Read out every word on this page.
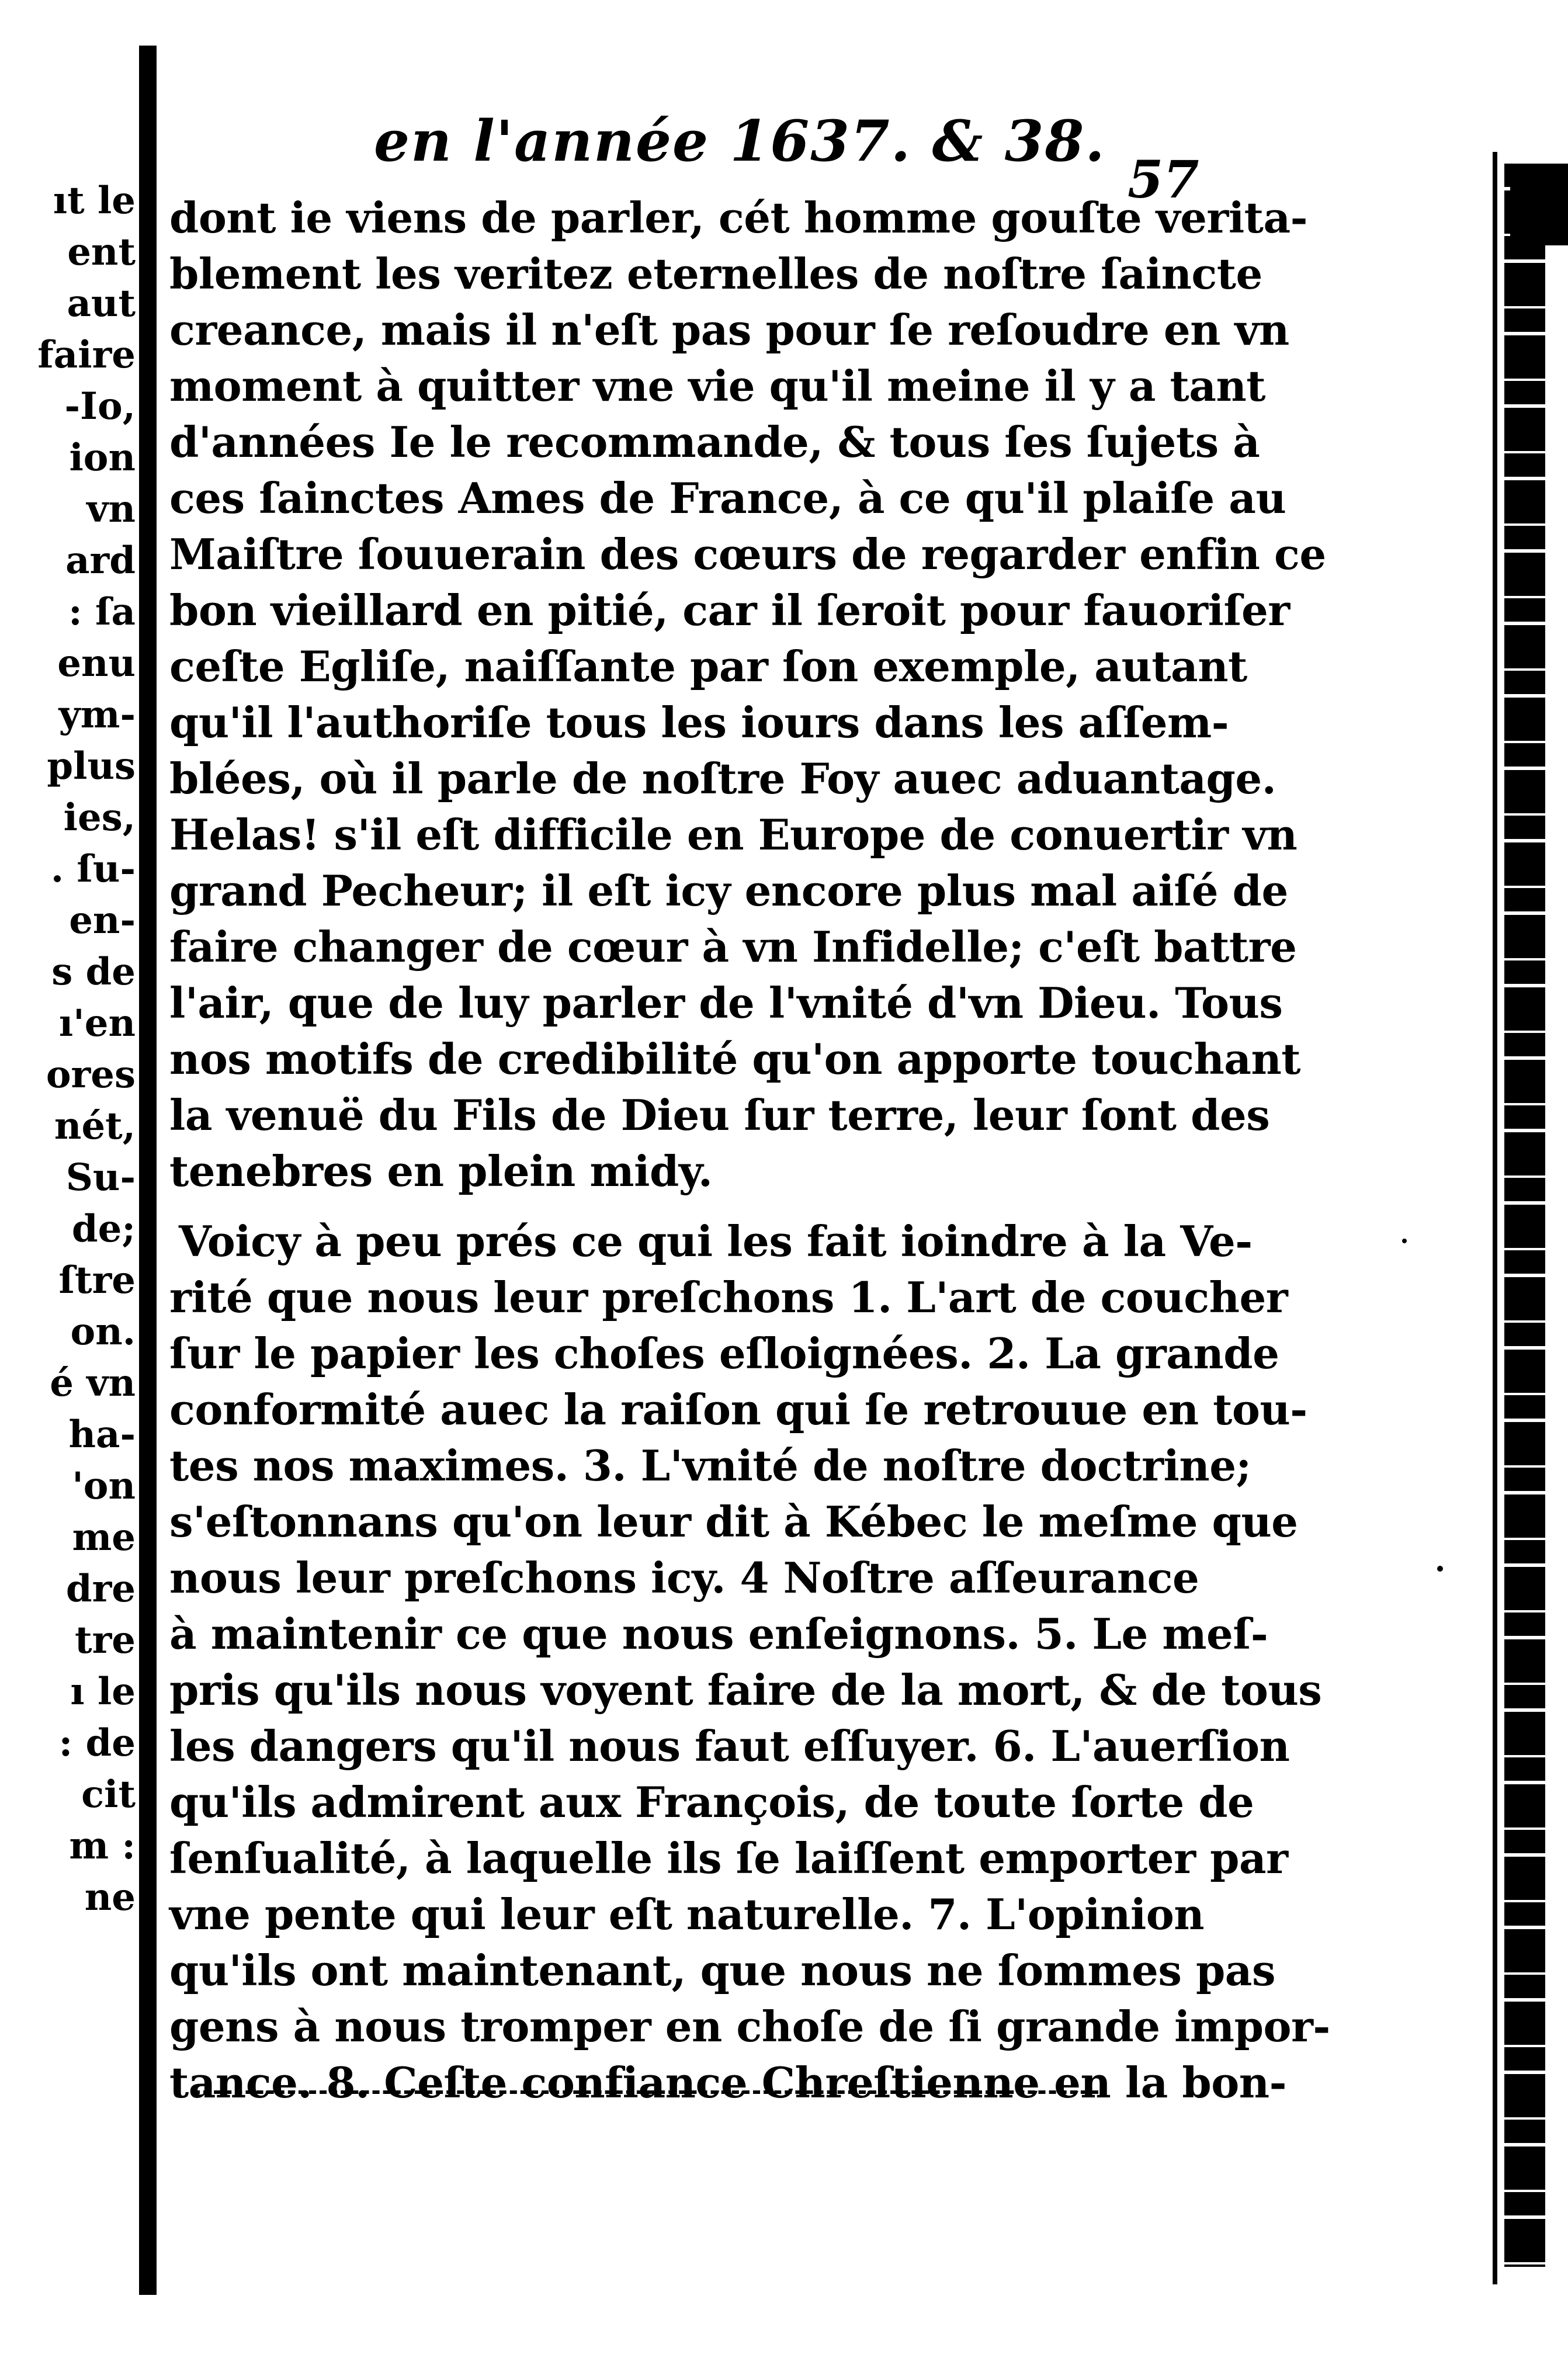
ıt le
ent
aut
faire
-Io,
ion
vn
ard
: ſa
enu
ym-
plus
ies,
. ſu-
en-
s de
ı'en
ores
nét,
Su-
de;
ſtre
on.
é vn
ha-
'on
me
dre
tre
ı le
: de
cit
m :
ne
en l'année 1637. & 38.
57
dont ie viens de parler, cét homme gouſte verita-
blement les veritez eternelles de noſtre ſaincte
creance, mais il n'eſt pas pour ſe reſoudre en vn
moment à quitter vne vie qu'il meine il y a tant
d'années Ie le recommande, & tous ſes ſujets à
ces ſainctes Ames de France, à ce qu'il plaiſe au
Maiſtre ſouuerain des cœurs de regarder enfin ce
bon vieillard en pitié, car il ſeroit pour fauoriſer
ceſte Egliſe, naiſſante par ſon exemple, autant
qu'il l'authoriſe tous les iours dans les aſſem-
blées, où il parle de noſtre Foy auec aduantage.
Helas! s'il eſt difficile en Europe de conuertir vn
grand Pecheur; il eſt icy encore plus mal aiſé de
faire changer de cœur à vn Infidelle; c'eſt battre
l'air, que de luy parler de l'vnité d'vn Dieu. Tous
nos motifs de credibilité qu'on apporte touchant
la venuë du Fils de Dieu ſur terre, leur ſont des
tenebres en plein midy.
Voicy à peu prés ce qui les fait ioindre à la Ve-
rité que nous leur preſchons 1. L'art de coucher
ſur le papier les choſes eſloignées. 2. La grande
conformité auec la raiſon qui ſe retrouue en tou-
tes nos maximes. 3. L'vnité de noſtre doctrine;
s'eſtonnans qu'on leur dit à Kébec le meſme que
nous leur preſchons icy. 4 Noſtre aſſeurance
à maintenir ce que nous enſeignons. 5. Le meſ-
pris qu'ils nous voyent faire de la mort, & de tous
les dangers qu'il nous faut eſſuyer. 6. L'auerſion
qu'ils admirent aux François, de toute ſorte de
ſenſualité, à laquelle ils ſe laiſſent emporter par
vne pente qui leur eſt naturelle. 7. L'opinion
qu'ils ont maintenant, que nous ne ſommes pas
gens à nous tromper en choſe de ſi grande impor-
tance. 8. Ceſte confiance Chreſtienne en la bon-
